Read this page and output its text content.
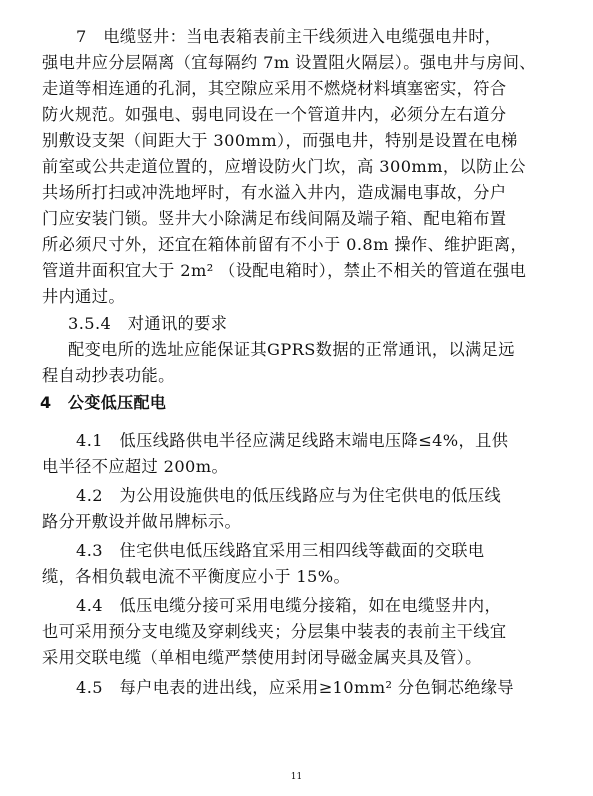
7　电缆竖井：当电表箱表前主干线须进入电缆强电井时，
强电井应分层隔离（宜每隔约 7m 设置阻火隔层）。强电井与房间、
走道等相连通的孔洞，其空隙应采用不燃烧材料填塞密实，符合
防火规范。如强电、弱电同设在一个管道井内，必须分左右道分
别敷设支架（间距大于 300mm），而强电井，特别是设置在电梯
前室或公共走道位置的，应增设防火门坎，高 300mm，以防止公
共场所打扫或冲洗地坪时，有水溢入井内，造成漏电事故，分户
门应安装门锁。竖井大小除满足布线间隔及端子箱、配电箱布置
所必须尺寸外，还宜在箱体前留有不小于 0.8m 操作、维护距离，
管道井面积宜大于 2m² （设配电箱时），禁止不相关的管道在强电
井内通过。
3.5.4　对通讯的要求
配变电所的选址应能保证其GPRS数据的正常通讯，以满足远
程自动抄表功能。
4　公变低压配电
4.1　低压线路供电半径应满足线路末端电压降≤4%，且供
电半径不应超过 200m。
4.2　为公用设施供电的低压线路应与为住宅供电的低压线
路分开敷设并做吊牌标示。
4.3　住宅供电低压线路宜采用三相四线等截面的交联电
缆，各相负载电流不平衡度应小于 15%。
4.4　低压电缆分接可采用电缆分接箱，如在电缆竖井内，
也可采用预分支电缆及穿刺线夹；分层集中装表的表前主干线宜
采用交联电缆（单相电缆严禁使用封闭导磁金属夹具及管）。
4.5　每户电表的进出线，应采用≥10mm² 分色铜芯绝缘导
11
